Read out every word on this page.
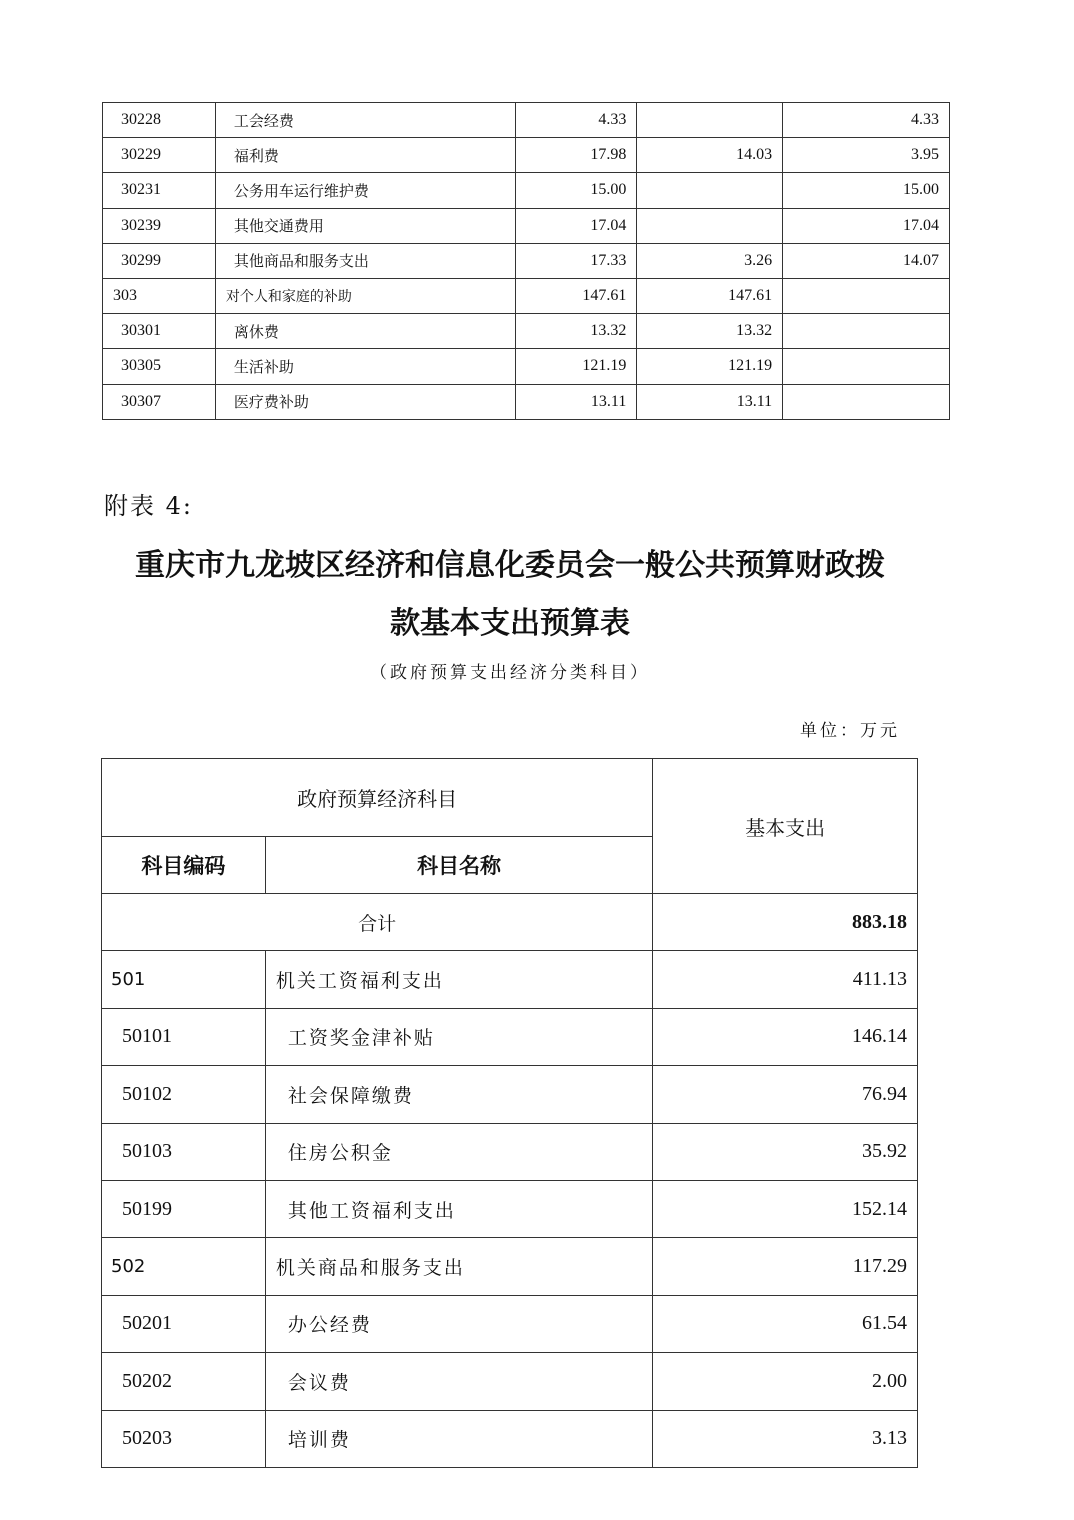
30228	工会经费	4.33		4.33
30229	福利费	17.98	14.03	3.95
30231	公务用车运行维护费	15.00		15.00
30239	其他交通费用	17.04		17.04
30299	其他商品和服务支出	17.33	3.26	14.07
303	对个人和家庭的补助	147.61	147.61	
30301	离休费	13.32	13.32	
30305	生活补助	121.19	121.19	
30307	医疗费补助	13.11	13.11	
附表 4:
重庆市九龙坡区经济和信息化委员会一般公共预算财政拨
款基本支出预算表
（政府预算支出经济分类科目）
单位：万元
政府预算经济科目		基本支出
科目编码	科目名称	
合计		883.18
501	机关工资福利支出	411.13
50101	工资奖金津补贴	146.14
50102	社会保障缴费	76.94
50103	住房公积金	35.92
50199	其他工资福利支出	152.14
502	机关商品和服务支出	117.29
50201	办公经费	61.54
50202	会议费	2.00
50203	培训费	3.13
